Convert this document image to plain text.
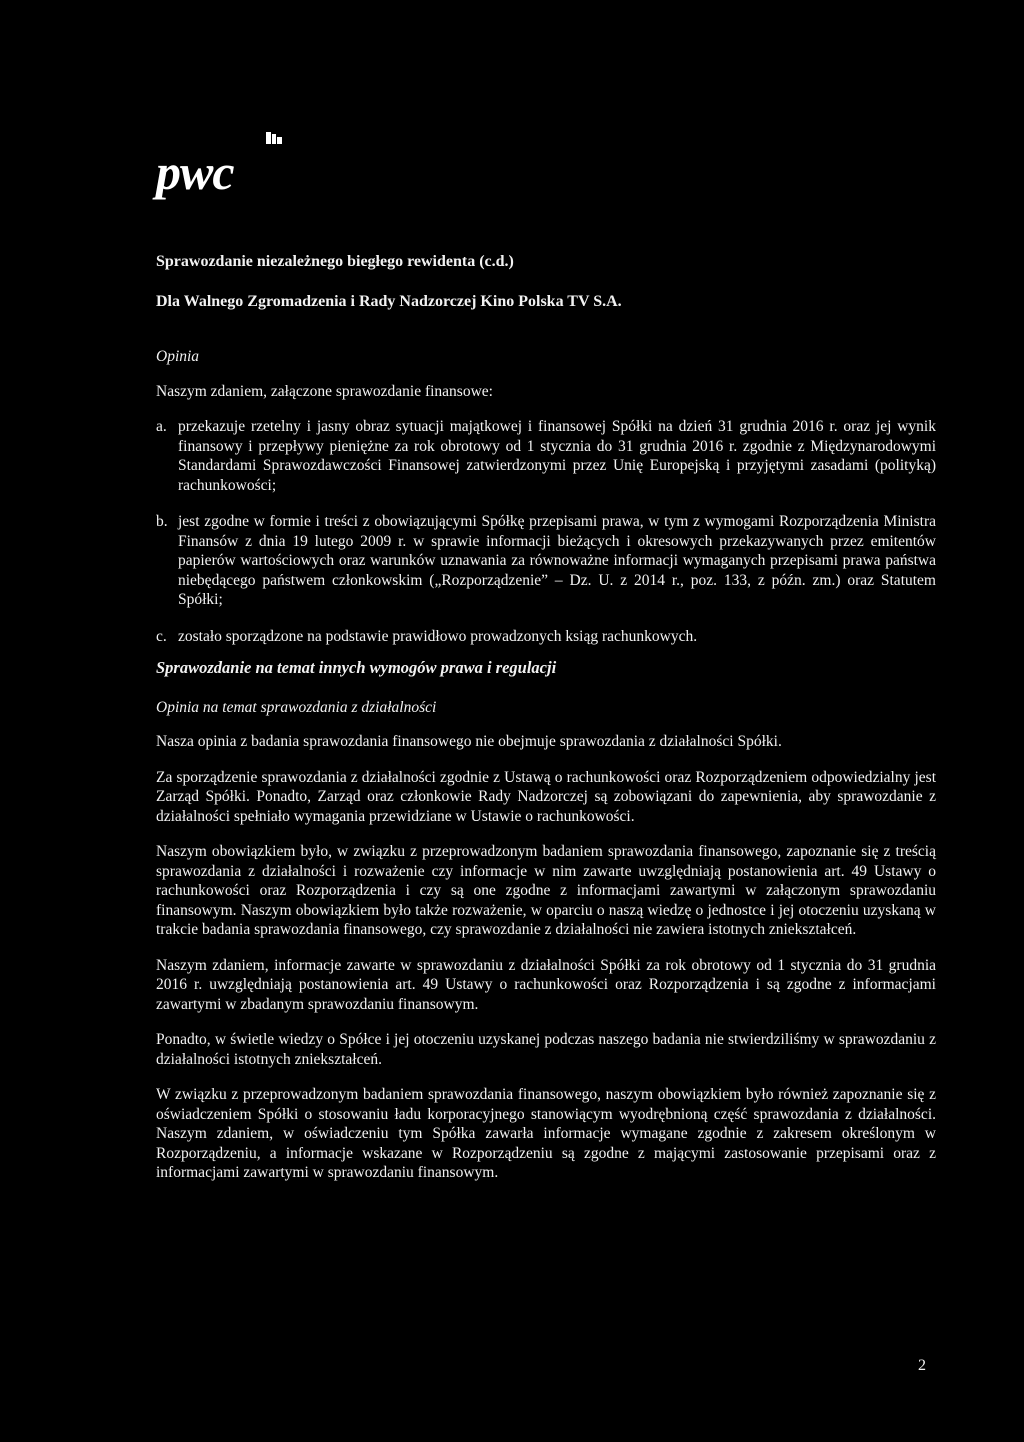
pwc
Sprawozdanie niezależnego biegłego rewidenta (c.d.)
Dla Walnego Zgromadzenia i Rady Nadzorczej Kino Polska TV S.A.
Opinia

Naszym zdaniem, załączone sprawozdanie finansowe:

a. przekazuje rzetelny i jasny obraz sytuacji majątkowej i finansowej Spółki na dzień 31 grudnia 2016 r. oraz jej wynik finansowy i przepływy pieniężne za rok obrotowy od 1 stycznia do 31 grudnia 2016 r. zgodnie z Międzynarodowymi Standardami Sprawozdawczości Finansowej zatwierdzonymi przez Unię Europejską i przyjętymi zasadami (polityką) rachunkowości;
b. jest zgodne w formie i treści z obowiązującymi Spółkę przepisami prawa, w tym z wymogami Rozporządzenia Ministra Finansów z dnia 19 lutego 2009 r. w sprawie informacji bieżących i okresowych przekazywanych przez emitentów papierów wartościowych oraz warunków uznawania za równoważne informacji wymaganych przepisami prawa państwa niebędącego państwem członkowskim („Rozporządzenie” – Dz. U. z 2014 r., poz. 133, z późn. zm.) oraz Statutem Spółki;
c. zostało sporządzone na podstawie prawidłowo prowadzonych ksiąg rachunkowych.
Sprawozdanie na temat innych wymogów prawa i regulacji
Opinia na temat sprawozdania z działalności

Nasza opinia z badania sprawozdania finansowego nie obejmuje sprawozdania z działalności Spółki.

Za sporządzenie sprawozdania z działalności zgodnie z Ustawą o rachunkowości oraz Rozporządzeniem odpowiedzialny jest Zarząd Spółki. Ponadto, Zarząd oraz członkowie Rady Nadzorczej są zobowiązani do zapewnienia, aby sprawozdanie z działalności spełniało wymagania przewidziane w Ustawie o rachunkowości.

Naszym obowiązkiem było, w związku z przeprowadzonym badaniem sprawozdania finansowego, zapoznanie się z treścią sprawozdania z działalności i rozważenie czy informacje w nim zawarte uwzględniają postanowienia art. 49 Ustawy o rachunkowości oraz Rozporządzenia i czy są one zgodne z informacjami zawartymi w załączonym sprawozdaniu finansowym. Naszym obowiązkiem było także rozważenie, w oparciu o naszą wiedzę o jednostce i jej otoczeniu uzyskaną w trakcie badania sprawozdania finansowego, czy sprawozdanie z działalności nie zawiera istotnych zniekształceń.

Naszym zdaniem, informacje zawarte w sprawozdaniu z działalności Spółki za rok obrotowy od 1 stycznia do 31 grudnia 2016 r. uwzględniają postanowienia art. 49 Ustawy o rachunkowości oraz Rozporządzenia i są zgodne z informacjami zawartymi w zbadanym sprawozdaniu finansowym.

Ponadto, w świetle wiedzy o Spółce i jej otoczeniu uzyskanej podczas naszego badania nie stwierdziliśmy w sprawozdaniu z działalności istotnych zniekształceń.

W związku z przeprowadzonym badaniem sprawozdania finansowego, naszym obowiązkiem było również zapoznanie się z oświadczeniem Spółki o stosowaniu ładu korporacyjnego stanowiącym wyodrębnioną część sprawozdania z działalności. Naszym zdaniem, w oświadczeniu tym Spółka zawarła informacje wymagane zgodnie z zakresem określonym w Rozporządzeniu, a informacje wskazane w Rozporządzeniu są zgodne z mającymi zastosowanie przepisami oraz z informacjami zawartymi w sprawozdaniu finansowym.

2
